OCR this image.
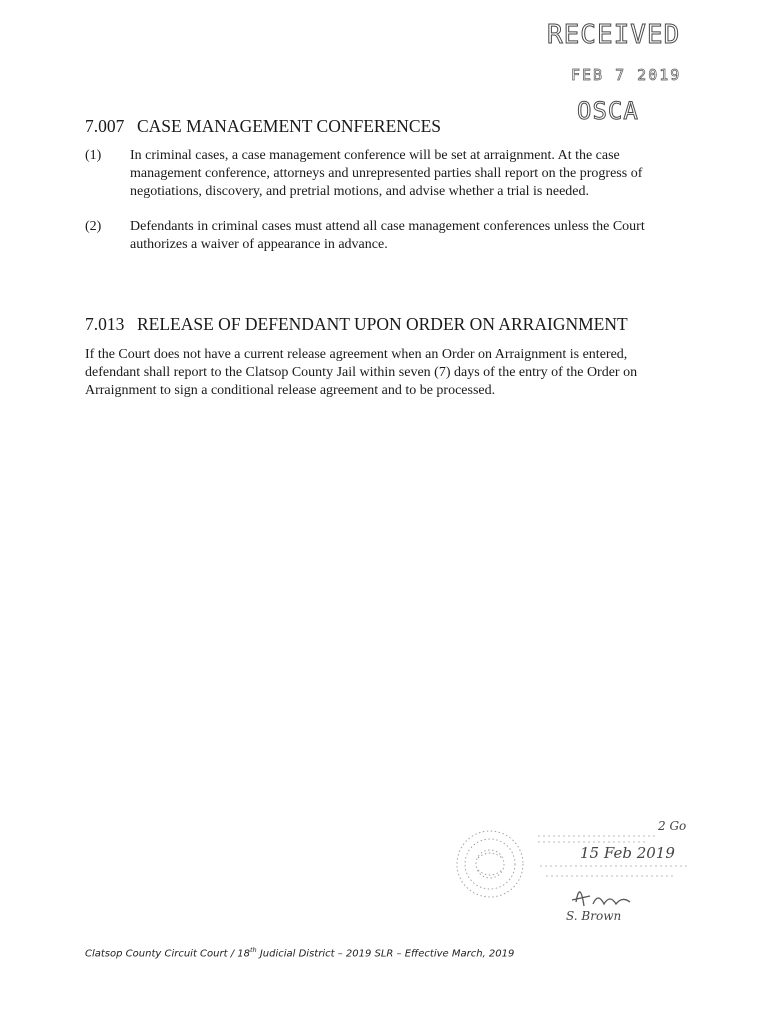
RECEIVED
FEB 7 2019
OSCA
7.007 CASE MANAGEMENT CONFERENCES
(1) In criminal cases, a case management conference will be set at arraignment. At the case management conference, attorneys and unrepresented parties shall report on the progress of negotiations, discovery, and pretrial motions, and advise whether a trial is needed.
(2) Defendants in criminal cases must attend all case management conferences unless the Court authorizes a waiver of appearance in advance.
7.013 RELEASE OF DEFENDANT UPON ORDER ON ARRAIGNMENT
If the Court does not have a current release agreement when an Order on Arraignment is entered, defendant shall report to the Clatsop County Jail within seven (7) days of the entry of the Order on Arraignment to sign a conditional release agreement and to be processed.
2 Go
15 Feb 2019
S. Brown
Clatsop County Circuit Court / 18th Judicial District – 2019 SLR – Effective March, 2019
